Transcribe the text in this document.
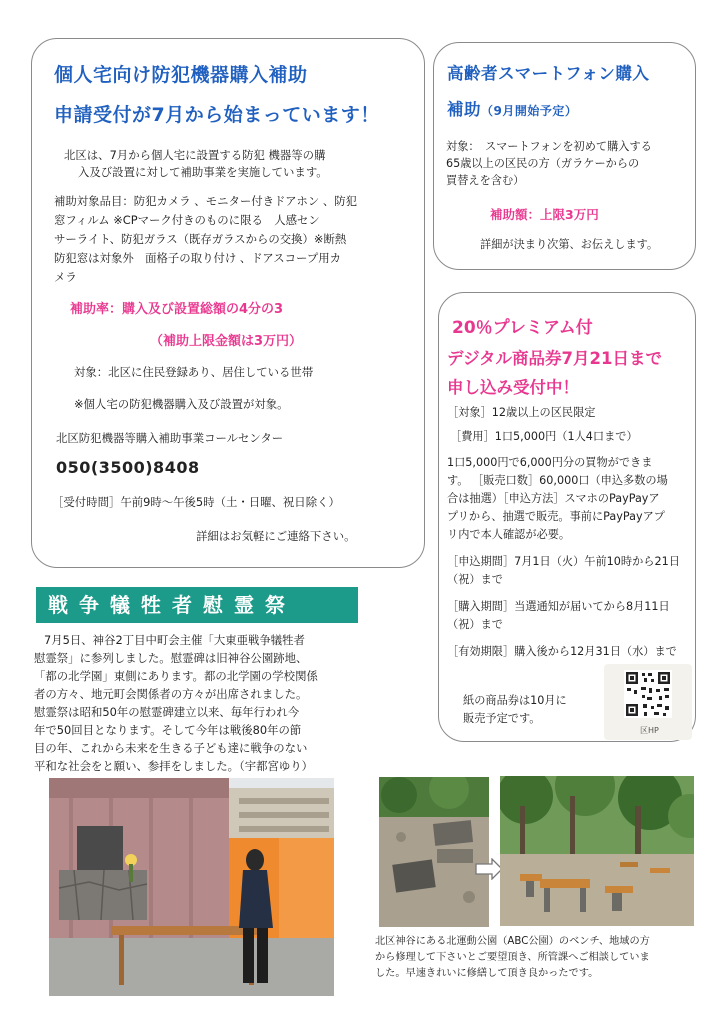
個人宅向け防犯機器購入補助

申請受付が7月から始まっています！

北区は、7月から個人宅に設置する防犯 機器等の購

入及び設置に対して補助事業を実施しています。

補助対象品目：防犯カメラ 、モニター付きドアホン 、防犯

窓フィルム ※CPマーク付きのものに限る　人感セン

サーライト、防犯ガラス（既存ガラスからの交換）※断熱

防犯窓は対象外　面格子の取り付け 、ドアスコープ用カ

メラ

補助率：購入及び設置総額の4分の3

（補助上限金額は3万円）

対象：北区に住民登録あり、居住している世帯

※個人宅の防犯機器購入及び設置が対象。

北区防犯機器等購入補助事業コールセンター

050(3500)8408

［受付時間］午前9時～午後5時（土・日曜、祝日除く）

詳細はお気軽にご連絡下さい。

高齢者スマートフォン購入

補助（9月開始予定）

対象：　スマートフォンを初めて購入する

65歳以上の区民の方（ガラケーからの

買替えを含む）

補助額：上限3万円

詳細が決まり次第、お伝えします。

20％プレミアム付

デジタル商品券7月21日まで

申し込み受付中！

［対象］12歳以上の区民限定

［費用］1口5,000円（1人4口まで）

1口5,000円で6,000円分の買物ができま

す。 ［販売口数］60,000口（申込多数の場

合は抽選）［申込方法］スマホのPayPayア

プリから、抽選で販売。事前にPayPayアプ

リ内で本人確認が必要。

［申込期間］7月1日（火）午前10時から21日

（祝）まで

［購入期間］当選通知が届いてから8月11日

（祝）まで

［有効期限］購入後から12月31日（水）まで

紙の商品券は10月に

販売予定です。

区HP
戦争犠牲者慰霊祭

7月5日、神谷2丁目中町会主催「大東亜戦争犠牲者

慰霊祭」に参列しました。慰霊碑は旧神谷公園跡地、

「都の北学園」東側にあります。都の北学園の学校関係

者の方々、地元町会関係者の方々が出席されました。

慰霊祭は昭和50年の慰霊碑建立以来、毎年行われ今

年で50回目となります。そして今年は戦後80年の節

目の年、これから未来を生きる子ども達に戦争のない

平和な社会をと願い、参拝をしました。（宇都宮ゆり）

北区神谷にある北運動公園（ABC公園）のベンチ、地域の方

から修理して下さいとご要望頂き、所管課へご相談していま

した。早速きれいに修繕して頂き良かったです。
